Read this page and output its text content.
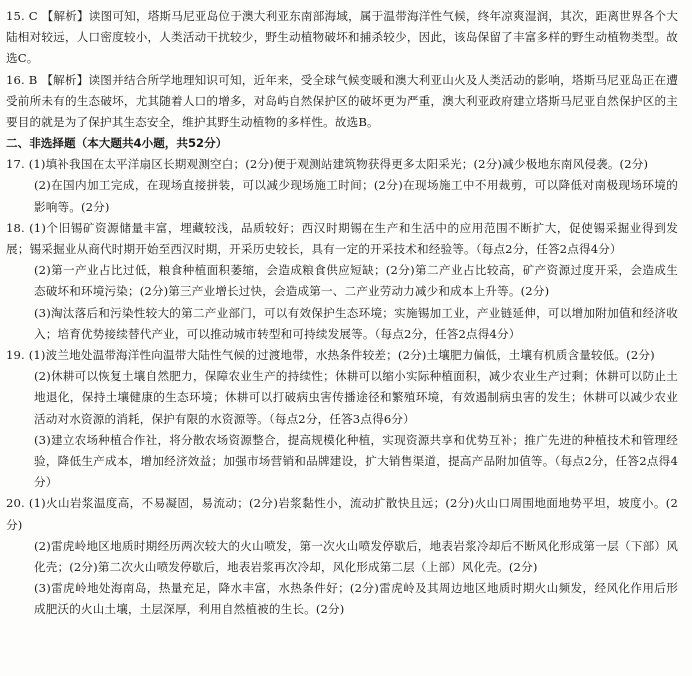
15. C 【解析】读图可知，塔斯马尼亚岛位于澳大利亚东南部海域，属于温带海洋性气候，终年凉爽湿润，其次，距离世界各个大陆相对较远，人口密度较小，人类活动干扰较少，野生动植物破坏和捕杀较少，因此，该岛保留了丰富多样的野生动植物类型。故选C。

16. B 【解析】读图并结合所学地理知识可知，近年来，受全球气候变暖和澳大利亚山火及人类活动的影响，塔斯马尼亚岛正在遭受前所未有的生态破坏，尤其随着人口的增多，对岛屿自然保护区的破坏更为严重，澳大利亚政府建立塔斯马尼亚自然保护区的主要目的就是为了保护其生态安全，维护其野生动植物的多样性。故选B。

二、非选择题（本大题共4小题，共52分）

17. (1)填补我国在太平洋扇区长期观测空白；(2分)便于观测站建筑物获得更多太阳采光；(2分)减少极地东南风侵袭。(2分)

(2)在国内加工完成，在现场直接拼装，可以减少现场施工时间；(2分)在现场施工中不用裁剪，可以降低对南极现场环境的影响等。(2分)

18. (1)个旧锡矿资源储量丰富，埋藏较浅，品质较好；西汉时期锡在生产和生活中的应用范围不断扩大，促使锡采掘业得到发展；锡采掘业从商代时期开始至西汉时期，开采历史较长，具有一定的开采技术和经验等。（每点2分，任答2点得4分）

(2)第一产业占比过低，粮食种植面积萎缩，会造成粮食供应短缺；(2分)第二产业占比较高，矿产资源过度开采，会造成生态破坏和环境污染；(2分)第三产业增长过快，会造成第一、二产业劳动力减少和成本上升等。(2分)

(3)淘汰落后和污染性较大的第二产业部门，可以有效保护生态环境；实施锡加工业，产业链延伸，可以增加附加值和经济收入；培育优势接续替代产业，可以推动城市转型和可持续发展等。（每点2分，任答2点得4分）

19. (1)波兰地处温带海洋性向温带大陆性气候的过渡地带，水热条件较差；(2分)土壤肥力偏低，土壤有机质含量较低。(2分)

(2)休耕可以恢复土壤自然肥力，保障农业生产的持续性；休耕可以缩小实际种植面积，减少农业生产过剩；休耕可以防止土地退化，保持土壤健康的生态环境；休耕可以打破病虫害传播途径和繁殖环境，有效遏制病虫害的发生；休耕可以减少农业活动对水资源的消耗，保护有限的水资源等。（每点2分，任答3点得6分）

(3)建立农场种植合作社，将分散农场资源整合，提高规模化种植，实现资源共享和优势互补；推广先进的种植技术和管理经验，降低生产成本，增加经济效益；加强市场营销和品牌建设，扩大销售渠道，提高产品附加值等。（每点2分，任答2点得4分）

20. (1)火山岩浆温度高，不易凝固，易流动；(2分)岩浆黏性小，流动扩散快且远；(2分)火山口周围地面地势平坦，坡度小。(2分)

(2)雷虎岭地区地质时期经历两次较大的火山喷发，第一次火山喷发停歇后，地表岩浆冷却后不断风化形成第一层（下部）风化壳；(2分)第二次火山喷发停歇后，地表岩浆再次冷却，风化形成第二层（上部）风化壳。(2分)

(3)雷虎岭地处海南岛，热量充足，降水丰富，水热条件好；(2分)雷虎岭及其周边地区地质时期火山频发，经风化作用后形成肥沃的火山土壤，土层深厚，利用自然植被的生长。(2分)
